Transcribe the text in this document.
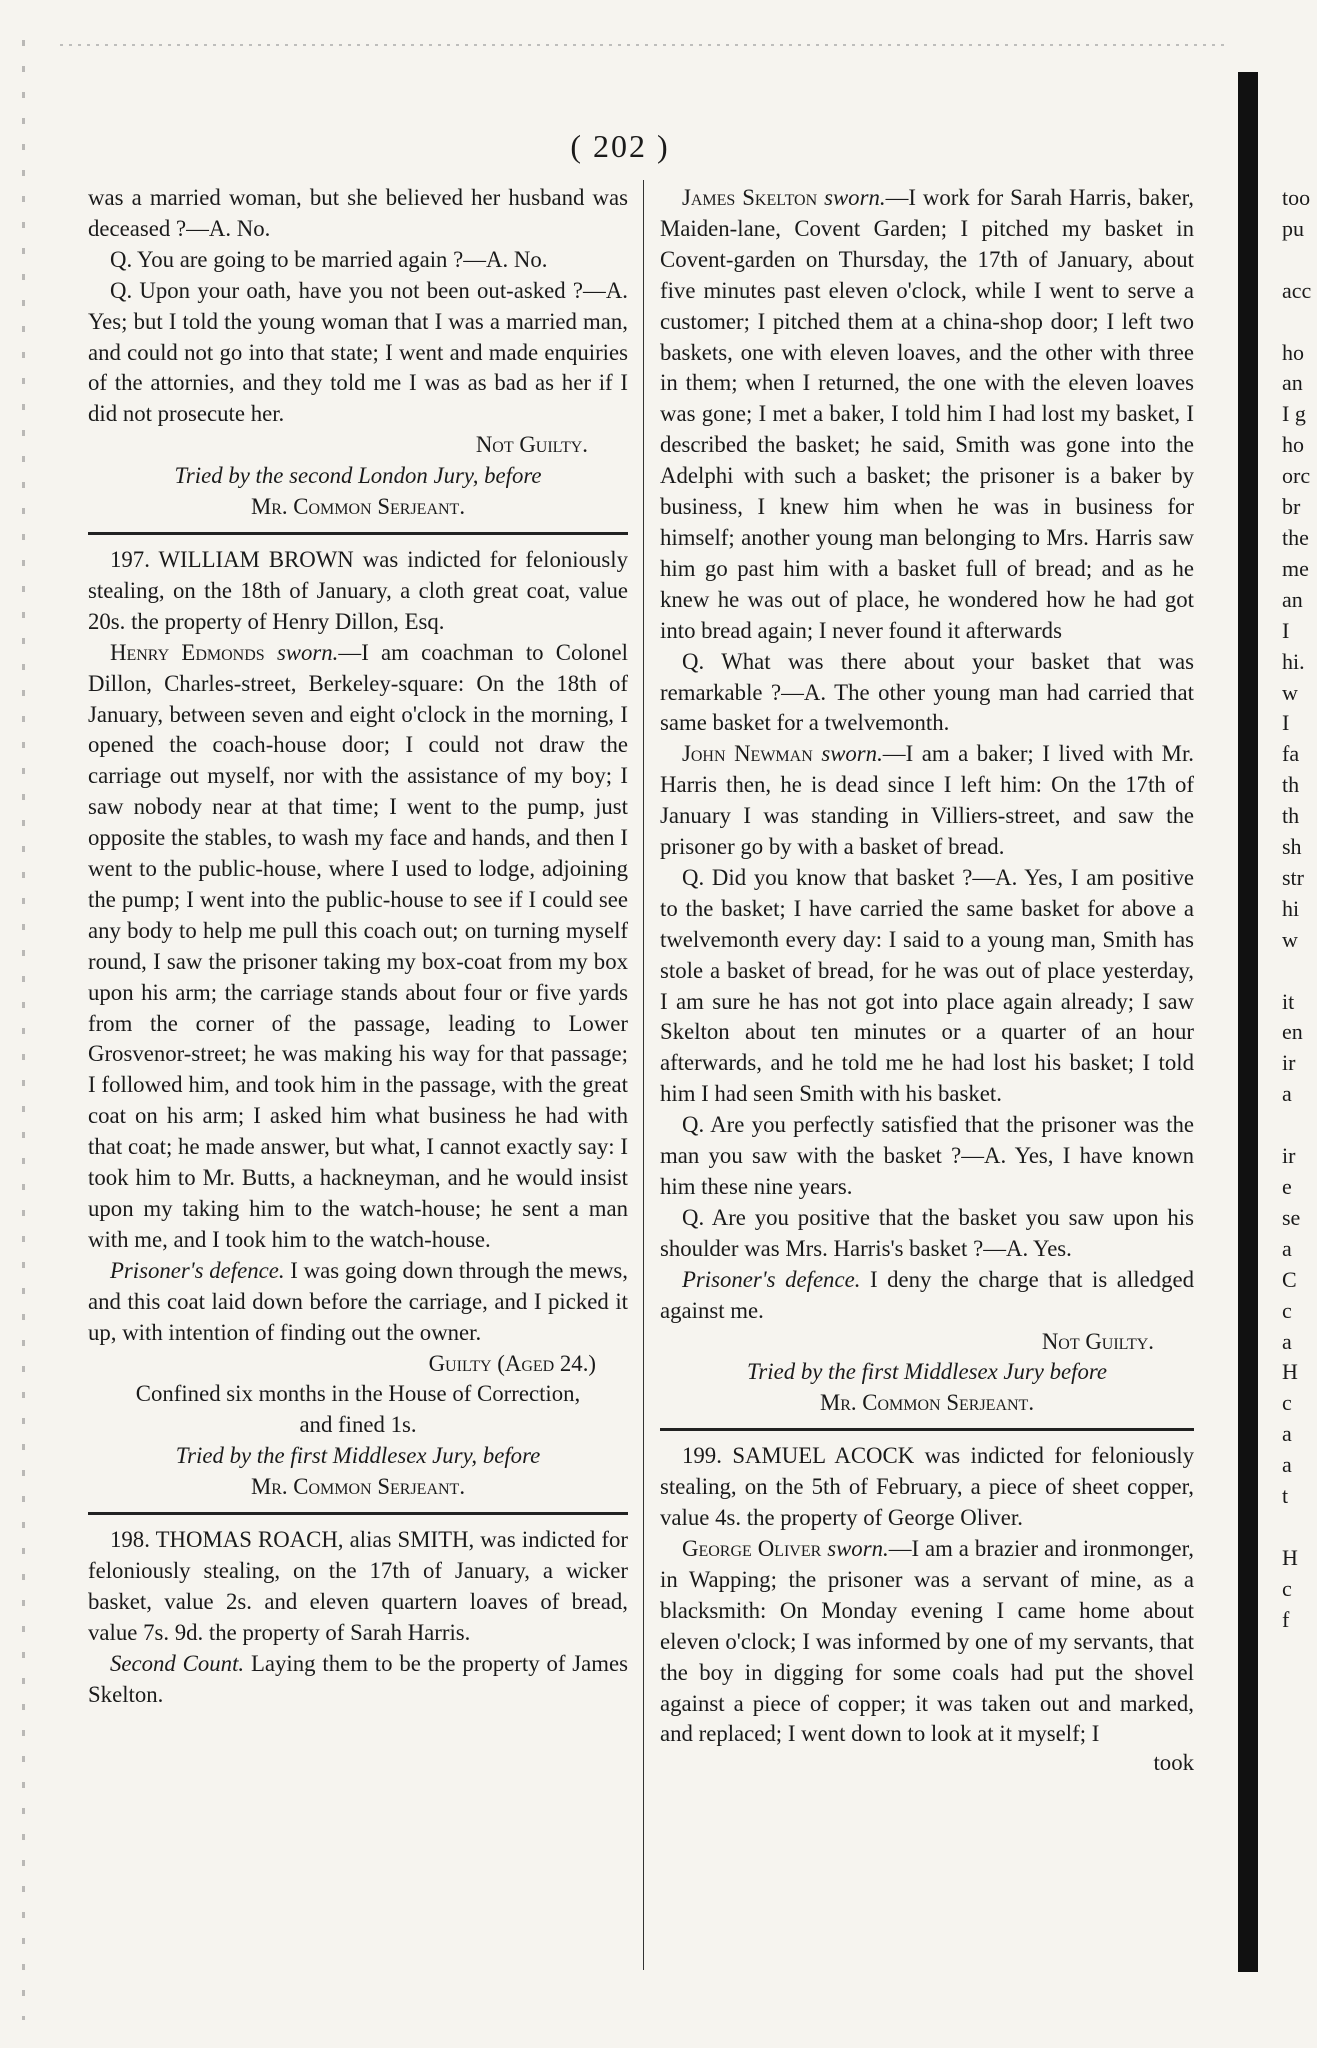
( 202 )

was a married woman, but she believed her husband was deceased ?—A. No.

Q. You are going to be married again ?—A. No.

Q. Upon your oath, have you not been out-asked ?—A. Yes; but I told the young woman that I was a married man, and could not go into that state; I went and made enquiries of the attornies, and they told me I was as bad as her if I did not prosecute her.

Not Guilty.

Tried by the second London Jury, before

Mr. Common Serjeant.

197. WILLIAM BROWN was indicted for feloniously stealing, on the 18th of January, a cloth great coat, value 20s. the property of Henry Dillon, Esq.

Henry Edmonds sworn.—I am coachman to Colonel Dillon, Charles-street, Berkeley-square: On the 18th of January, between seven and eight o'clock in the morning, I opened the coach-house door; I could not draw the carriage out myself, nor with the assistance of my boy; I saw nobody near at that time; I went to the pump, just opposite the stables, to wash my face and hands, and then I went to the public-house, where I used to lodge, adjoining the pump; I went into the public-house to see if I could see any body to help me pull this coach out; on turning myself round, I saw the prisoner taking my box-coat from my box upon his arm; the carriage stands about four or five yards from the corner of the passage, leading to Lower Grosvenor-street; he was making his way for that passage; I followed him, and took him in the passage, with the great coat on his arm; I asked him what business he had with that coat; he made answer, but what, I cannot exactly say: I took him to Mr. Butts, a hackneyman, and he would insist upon my taking him to the watch-house; he sent a man with me, and I took him to the watch-house.

Prisoner's defence. I was going down through the mews, and this coat laid down before the carriage, and I picked it up, with intention of finding out the owner.

Guilty (Aged 24.)

Confined six months in the House of Correction,

and fined 1s.

Tried by the first Middlesex Jury, before

Mr. Common Serjeant.

198. THOMAS ROACH, alias SMITH, was indicted for feloniously stealing, on the 17th of January, a wicker basket, value 2s. and eleven quartern loaves of bread, value 7s. 9d. the property of Sarah Harris.

Second Count. Laying them to be the property of James Skelton.

James Skelton sworn.—I work for Sarah Harris, baker, Maiden-lane, Covent Garden; I pitched my basket in Covent-garden on Thursday, the 17th of January, about five minutes past eleven o'clock, while I went to serve a customer; I pitched them at a china-shop door; I left two baskets, one with eleven loaves, and the other with three in them; when I returned, the one with the eleven loaves was gone; I met a baker, I told him I had lost my basket, I described the basket; he said, Smith was gone into the Adelphi with such a basket; the prisoner is a baker by business, I knew him when he was in business for himself; another young man belonging to Mrs. Harris saw him go past him with a basket full of bread; and as he knew he was out of place, he wondered how he had got into bread again; I never found it afterwards

Q. What was there about your basket that was remarkable ?—A. The other young man had carried that same basket for a twelvemonth.

John Newman sworn.—I am a baker; I lived with Mr. Harris then, he is dead since I left him: On the 17th of January I was standing in Villiers-street, and saw the prisoner go by with a basket of bread.

Q. Did you know that basket ?—A. Yes, I am positive to the basket; I have carried the same basket for above a twelvemonth every day: I said to a young man, Smith has stole a basket of bread, for he was out of place yesterday, I am sure he has not got into place again already; I saw Skelton about ten minutes or a quarter of an hour afterwards, and he told me he had lost his basket; I told him I had seen Smith with his basket.

Q. Are you perfectly satisfied that the prisoner was the man you saw with the basket ?—A. Yes, I have known him these nine years.

Q. Are you positive that the basket you saw upon his shoulder was Mrs. Harris's basket ?—A. Yes.

Prisoner's defence. I deny the charge that is alledged against me.

Not Guilty.

Tried by the first Middlesex Jury before

Mr. Common Serjeant.

199. SAMUEL ACOCK was indicted for feloniously stealing, on the 5th of February, a piece of sheet copper, value 4s. the property of George Oliver.

George Oliver sworn.—I am a brazier and ironmonger, in Wapping; the prisoner was a servant of mine, as a blacksmith: On Monday evening I came home about eleven o'clock; I was informed by one of my servants, that the boy in digging for some coals had put the shovel against a piece of copper; it was taken out and marked, and replaced; I went down to look at it myself; I

took

too
pu

acc

ho
an
I g
ho
orc
br
the
me
an
I
hi.
w
I
fa
th
th
sh
str
hi
w

it
en
ir
a

ir
e
se
a
C
c
a
H
c
a
a
t

H
c
f
